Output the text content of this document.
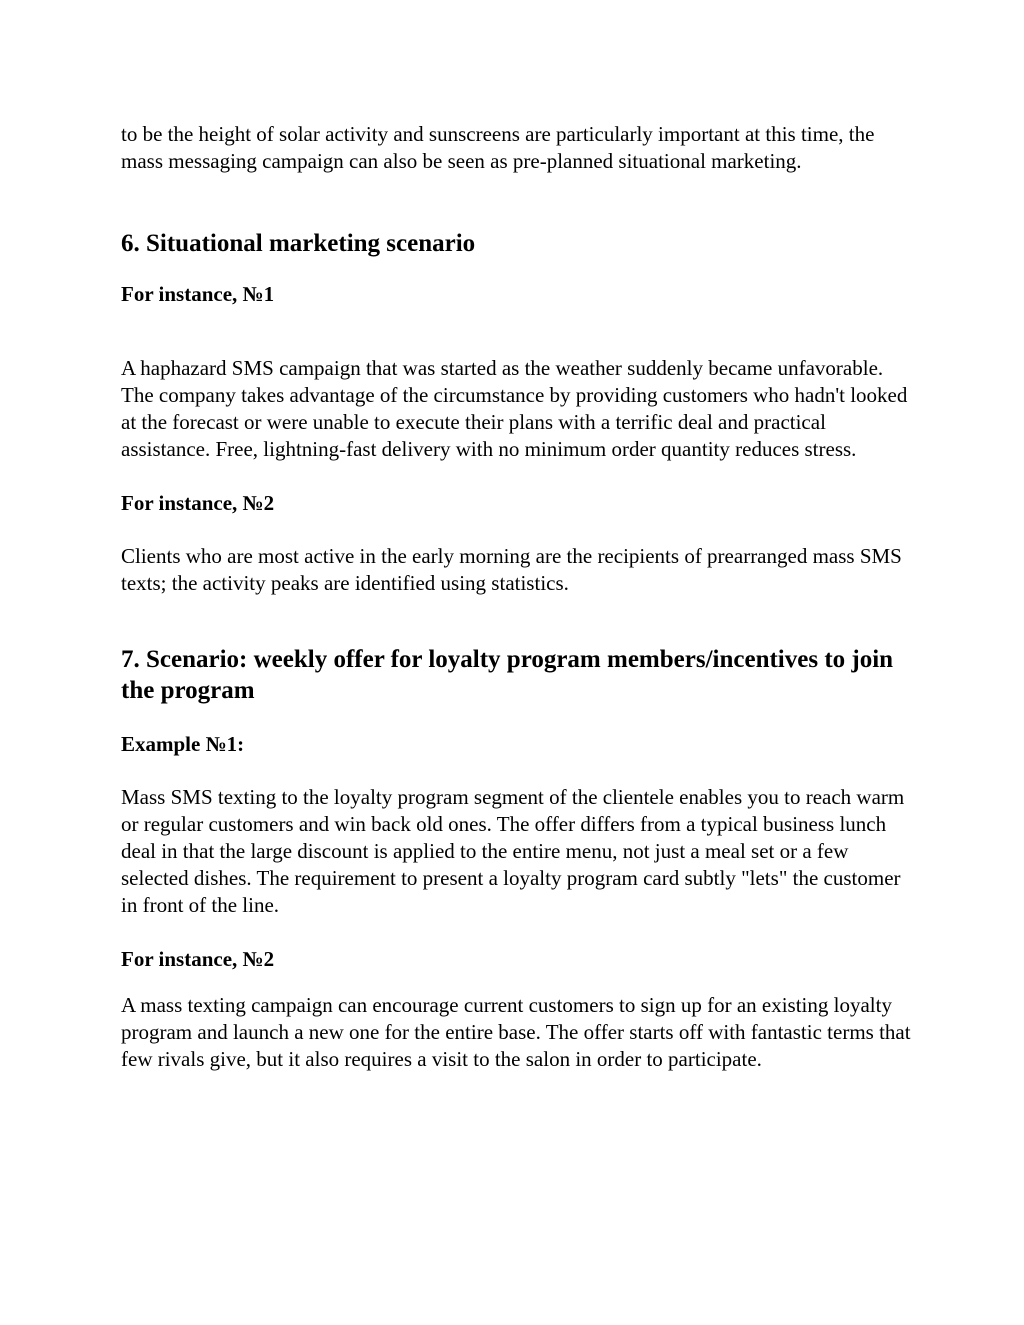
to be the height of solar activity and sunscreens are particularly important at this time, the mass messaging campaign can also be seen as pre-planned situational marketing.

6. Situational marketing scenario
For instance, №1

A haphazard SMS campaign that was started as the weather suddenly became unfavorable. The company takes advantage of the circumstance by providing customers who hadn't looked at the forecast or were unable to execute their plans with a terrific deal and practical assistance. Free, lightning-fast delivery with no minimum order quantity reduces stress.

For instance, №2

Clients who are most active in the early morning are the recipients of prearranged mass SMS texts; the activity peaks are identified using statistics.

7. Scenario: weekly offer for loyalty program members/incentives to join the program
Example №1:

Mass SMS texting to the loyalty program segment of the clientele enables you to reach warm or regular customers and win back old ones. The offer differs from a typical business lunch deal in that the large discount is applied to the entire menu, not just a meal set or a few selected dishes. The requirement to present a loyalty program card subtly "lets" the customer in front of the line.

For instance, №2

A mass texting campaign can encourage current customers to sign up for an existing loyalty program and launch a new one for the entire base. The offer starts off with fantastic terms that few rivals give, but it also requires a visit to the salon in order to participate.
